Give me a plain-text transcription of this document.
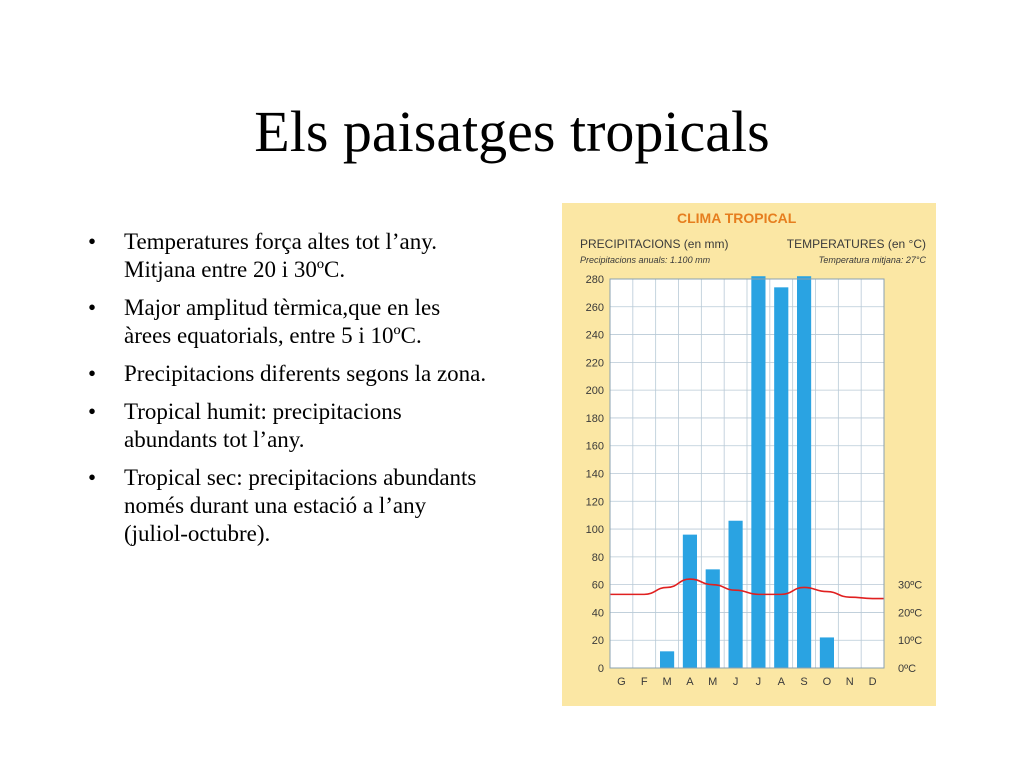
Els paisatges tropicals
• Temperatures força altes tot l’any. Mitjana entre 20 i 30ºC.
• Major amplitud tèrmica,que en les àrees equatorials, entre 5 i 10ºC.
• Precipitacions diferents segons la zona.
• Tropical humit: precipitacions abundants tot l’any.
• Tropical sec: precipitacions abundants només durant una estació a l’any (juliol-octubre).
CLIMA TROPICAL
PRECIPITACIONS (en mm)
Precipitacions anuals: 1.100 mm
TEMPERATURES (en °C)
Temperatura mitjana: 27°C
0
20
40
60
80
100
120
140
160
180
200
220
240
260
280
0ºC
10ºC
20ºC
30ºC
G F M A M J J A S O N D
